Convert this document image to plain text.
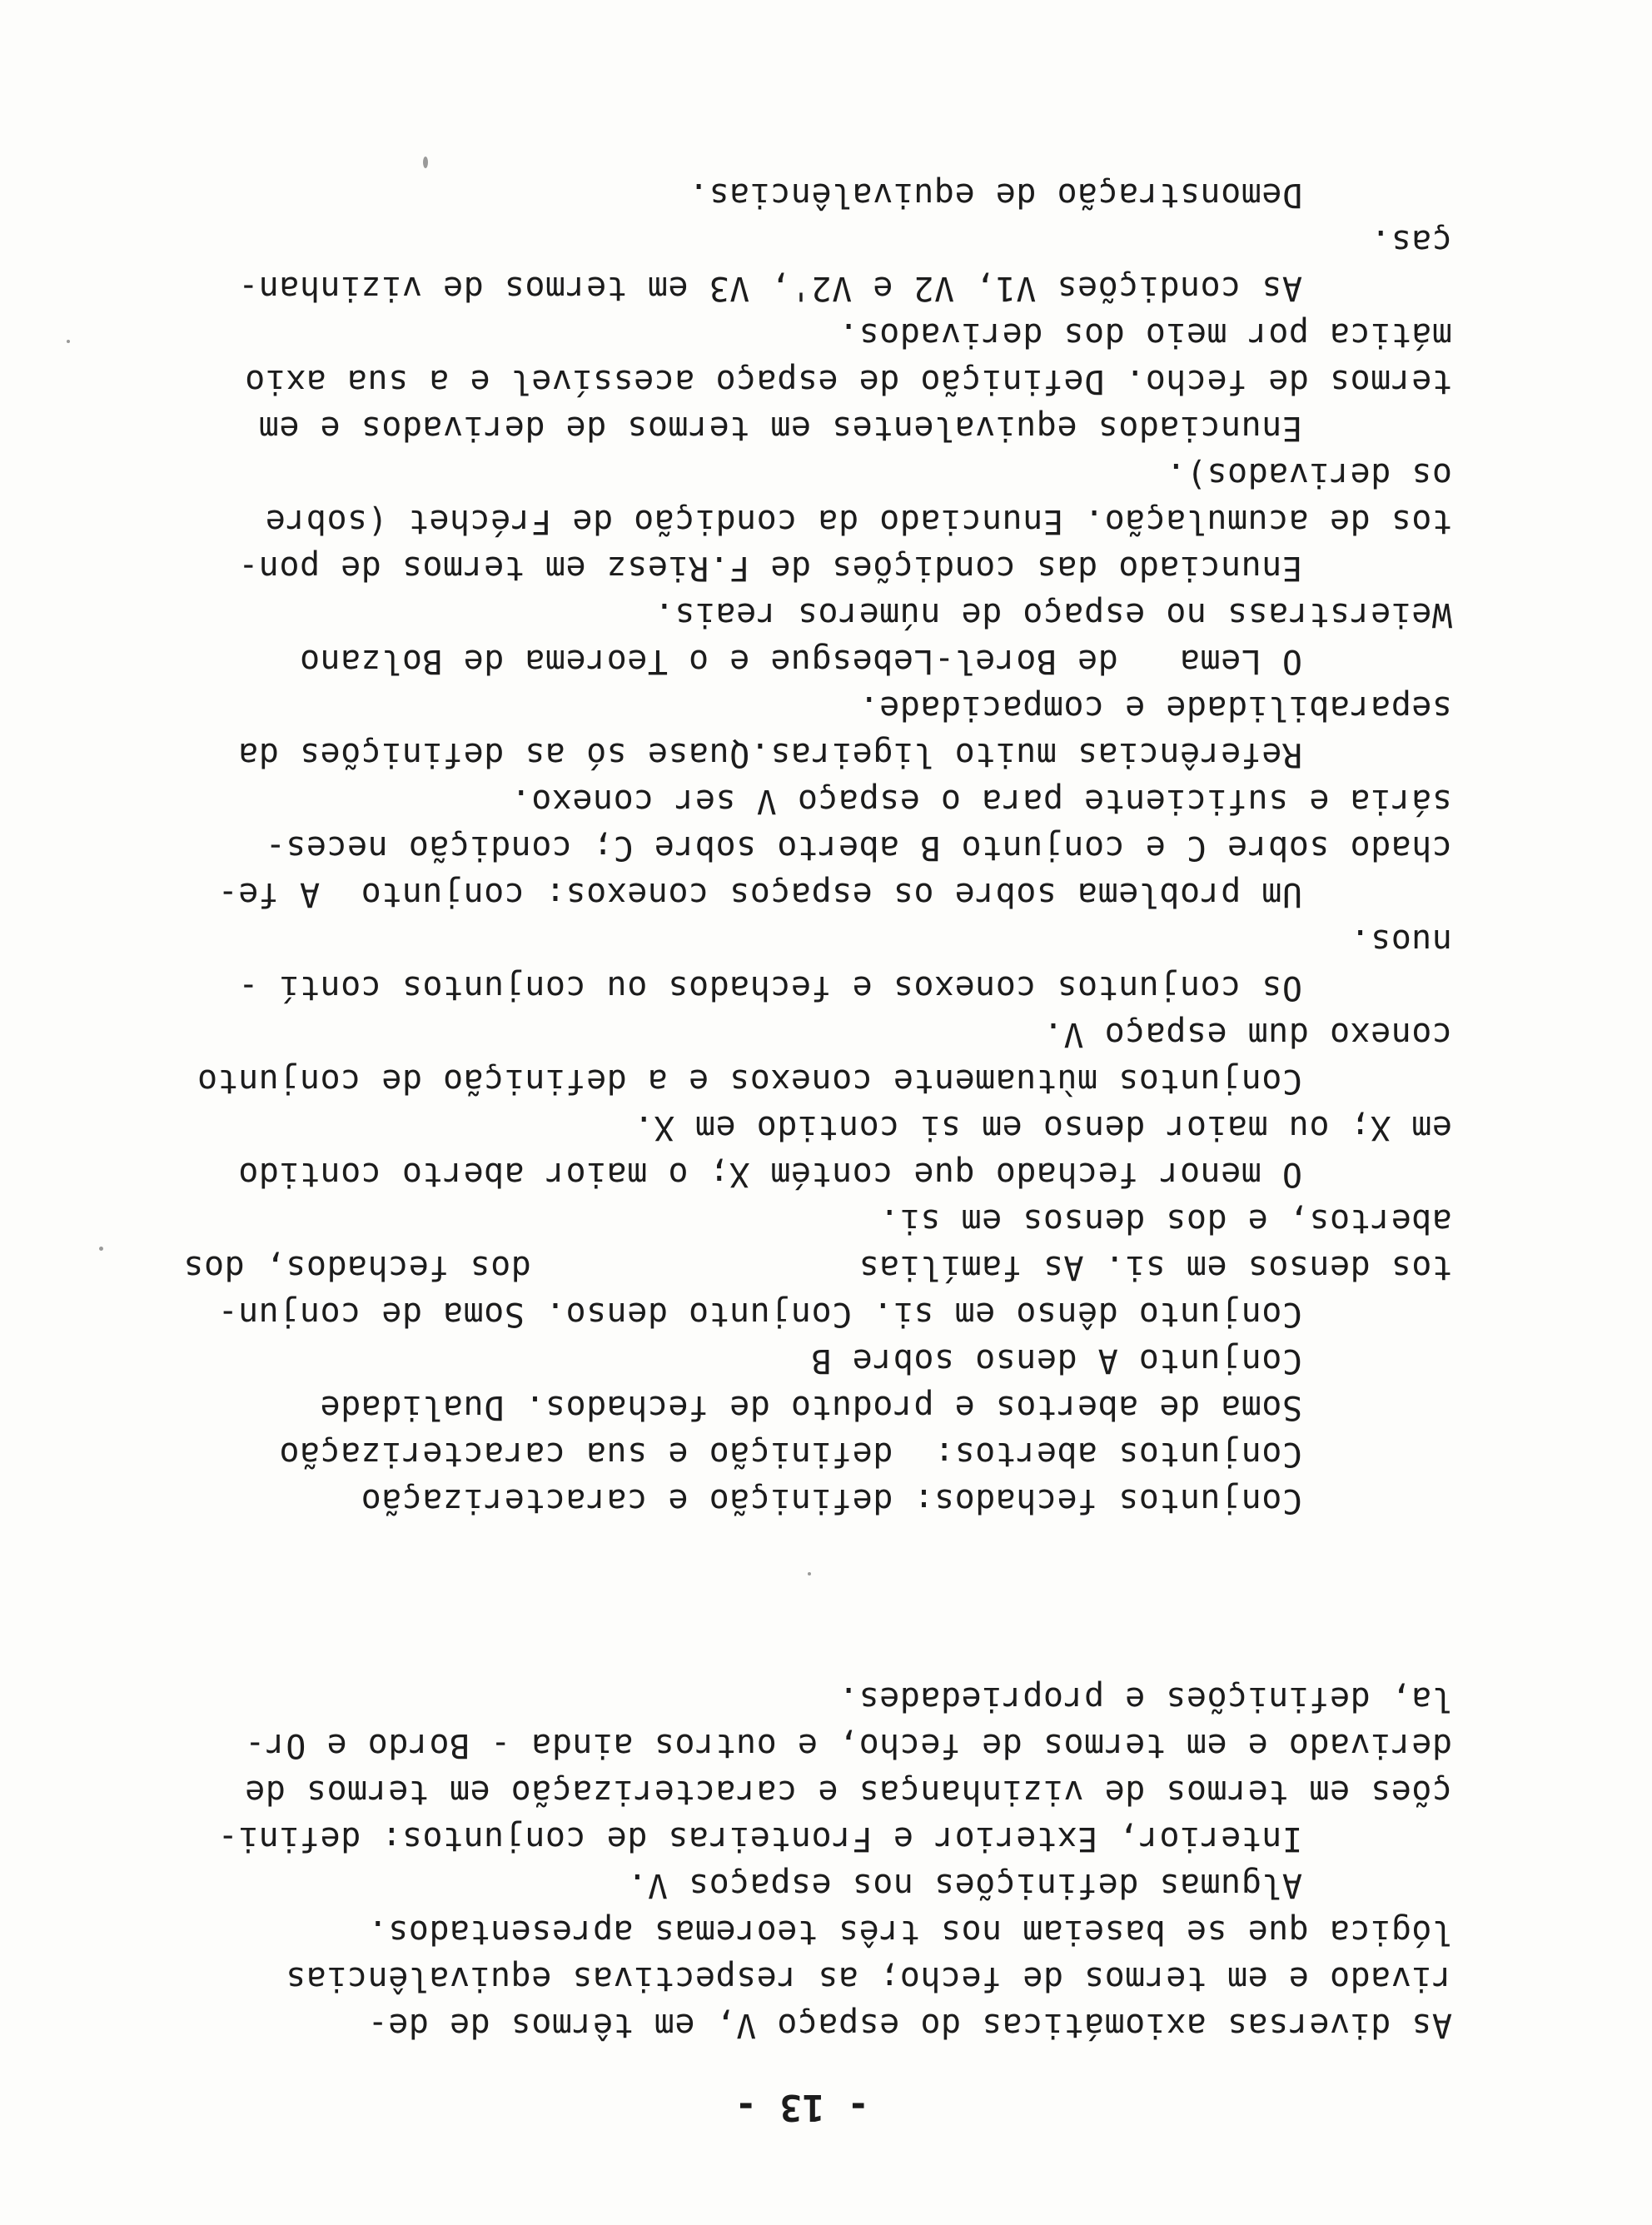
- 13 -
As diversas axiomáticas do espaço V, em têrmos de de-
rivado e em termos de fecho; as respectivas equivalências
lógica que se baseiam nos três teoremas apresentados.
Algumas definições nos espaços V.
Interior, Exterior e Fronteiras de conjuntos: defini-
ções em termos de vizinhanças e caracterização em termos de
derivado e em termos de fecho, e outros ainda - Bordo e Or-
la, definições e propriedades.
Conjuntos fechados: definição e caracterização
Conjuntos abertos:  definição e sua caracterização
Soma de abertos e produto de fechados. Dualidade
Conjunto A denso sobre B
Conjunto dênso em si. Conjunto denso. Soma de conjun-
tos densos em si. As famílias                dos fechados, dos
abertos, e dos densos em si.
O menor fechado que contém X; o maior aberto contido
em X; ou maior denso em si contido em X.
Conjuntos mùtuamente conexos e a definição de conjunto
conexo dum espaço V.
Os conjuntos conexos e fechados ou conjuntos contí -
nuos.
Um problema sobre os espaços conexos: conjunto  A fe-
chado sobre C e conjunto B aberto sobre C; condição neces-
sária e suficiente para o espaço V ser conexo.
Referências muito ligeiras.Quase só as definições da
separabilidade e compacidade.
O Lema   de Borel-Lebesgue e o Teorema de Bolzano
Weierstrass no espaço de números reais.
Enunciado das condições de F.Riesz em termos de pon-
tos de acumulação. Enunciado da condição de Fréchet (sobre
os derivados).
Enunciados equivalentes em termos de derivados e em
termos de fecho. Definição de espaço acessível e a sua axio
mática por meio dos derivados.
As condições V1, V2 e V2', V3 em termos de vizinhan-
ças.
Demonstração de equivalências.
